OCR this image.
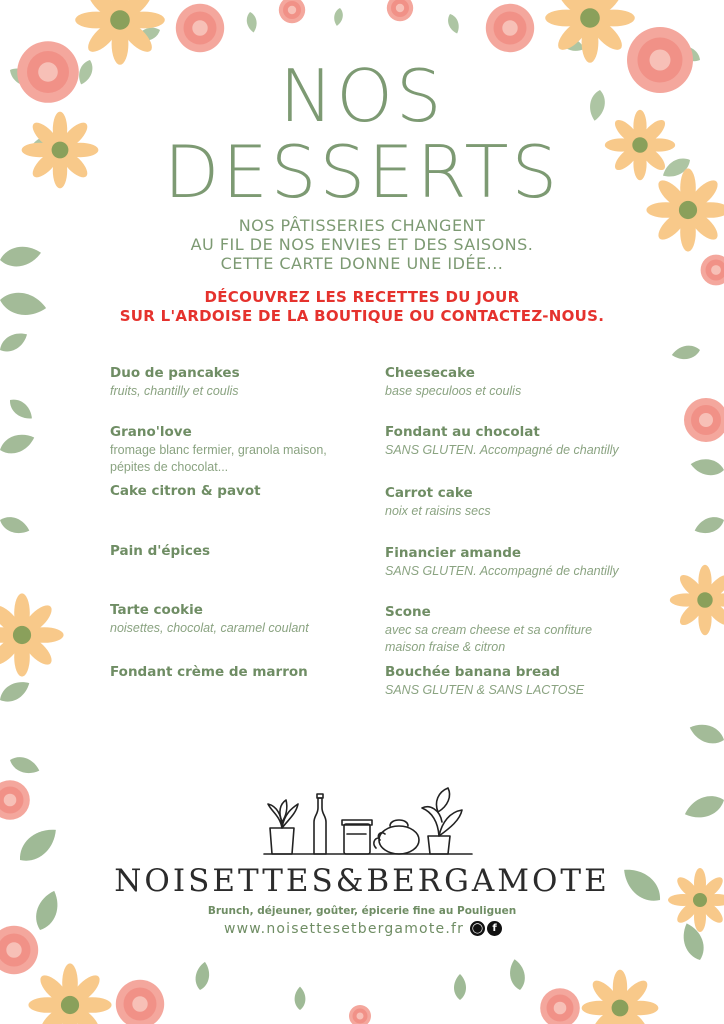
NOS
DESSERTS
NOS PÂTISSERIES CHANGENT
AU FIL DE NOS ENVIES ET DES SAISONS.
CETTE CARTE DONNE UNE IDÉE...
DÉCOUVREZ LES RECETTES DU JOUR
SUR L'ARDOISE DE LA BOUTIQUE OU CONTACTEZ-NOUS.
Duo de pancakes
fruits, chantilly et coulis
Grano'love
fromage blanc fermier, granola maison,
pépites de chocolat...
Cake citron & pavot
Pain d'épices
Tarte cookie
noisettes, chocolat, caramel coulant
Fondant crème de marron
Cheesecake
base speculoos et coulis
Fondant au chocolat
SANS GLUTEN. Accompagné de chantilly
Carrot cake
noix et raisins secs
Financier amande
SANS GLUTEN. Accompagné de chantilly
Scone
avec sa cream cheese et sa confiture
maison fraise & citron
Bouchée banana bread
SANS GLUTEN & SANS LACTOSE
NOISETTES&BERGAMOTE
Brunch, déjeuner, goûter, épicerie fine au Pouliguen
www.noisettesetbergamote.fr ◯ f
